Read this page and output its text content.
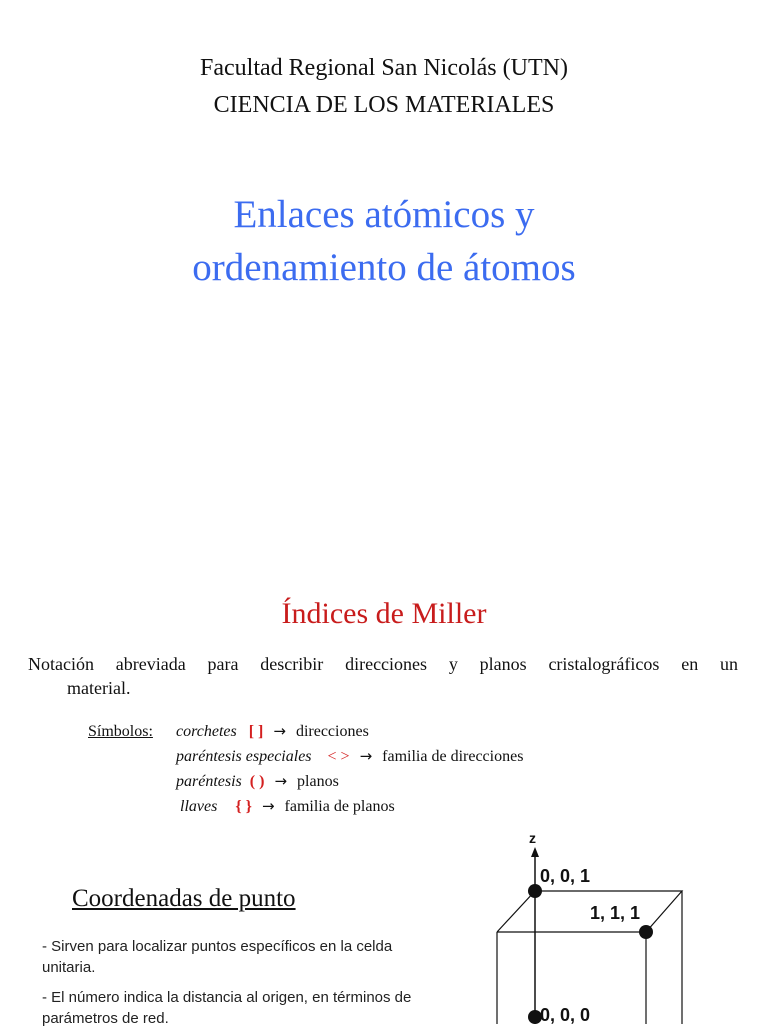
Facultad Regional San Nicolás (UTN)
CIENCIA DE LOS MATERIALES
Enlaces atómicos y
ordenamiento de átomos
Índices de Miller
Notación abreviada para describir direcciones y planos cristalográficos en un
material.
Símbolos: corchetes [ ] → direcciones
paréntesis especiales < > → familia de direcciones
paréntesis ( ) → planos
llaves { } → familia de planos
Coordenadas de punto
- Sirven para localizar puntos específicos en la celda unitaria.
- El número indica la distancia al origen, en términos de parámetros de red.
z
0, 0, 1
1, 1, 1
0, 0, 0
